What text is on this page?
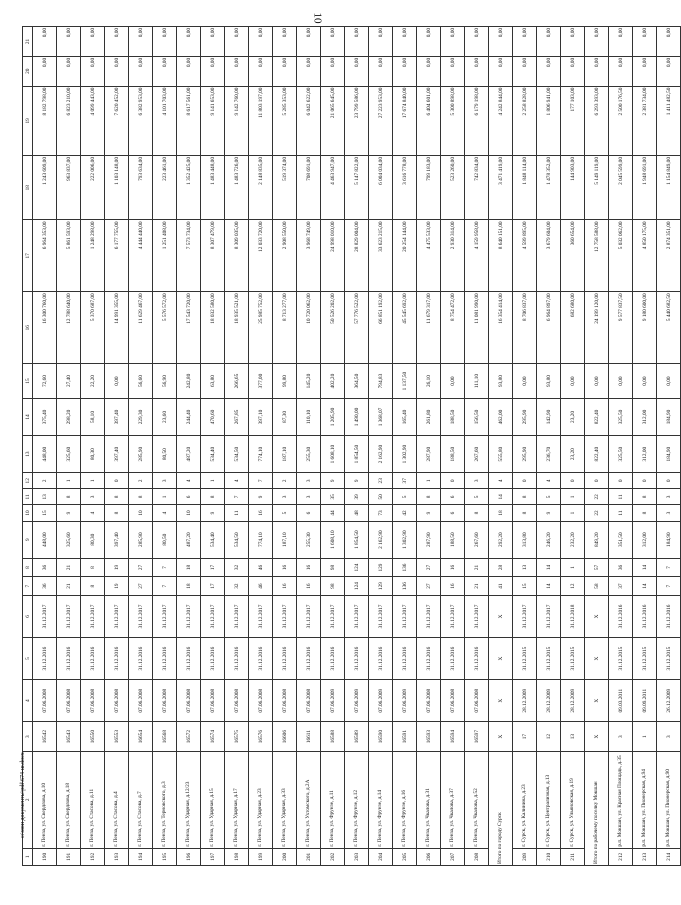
10
1	2	3	4	5	6	7	8	9	10	11	12	13	14	15	16	17	18	19	20	21
190	г. Пенза, ул. Свердлова, д.10	16542	07.06.2008	31.12.2016	31.12.2017	36	36	448,00	15	13	2	448,00	375,40	72,60	16 300 760,00	6 964 353,00	1 243 609,00	8 182 798,00	0,00	0,00
191	г. Пенза, ул. Свердлова, д.18	16543	07.06.2008	31.12.2016	31.12.2017	21	21	325,60	9	8	1	325,60	298,20	27,40	12 788 640,00	5 861 593,00	963 837,00	6 823 210,00	0,00	0,00
192	г. Пенза, ул. Стасова, д.11	16550	07.06.2008	31.12.2016	31.12.2017	8	8	80,30	4	3	1	80,30	58,10	22,20	5 370 687,00	1 248 298,00	222 006,00	4 099 443,00	0,00	0,00
193	г. Пенза, ул. Стасова, д.4	16553	07.06.2008	31.12.2016	31.12.2017	19	19	397,40	8	8	0	397,40	397,40	0,00	14 991 355,00	6 177 755,00	1 103 148,00	7 620 452,00	0,00	0,00
194	г. Пенза, ул. Стасова, д.7	16654	07.06.2008	31.12.2016	31.12.2017	27	27	285,90	10	8	2	285,90	229,30	56,60	11 629 467,00	4 444 440,00	793 634,00	6 382 953,00	0,00	0,00
195	г. Пенза, ул. Терновского, д.3	16568	07.06.2008	31.12.2016	31.12.2017	7	7	80,50	4	1	3	80,50	23,60	56,90	5 576 572,00	1 251 408,00	223 461,00	4 101 703,00	0,00	0,00
196	г. Пенза, ул. Ударная, д.12/23	16572	07.06.2008	31.12.2016	31.12.2017	18	18	487,20	10	6	4	487,20	244,40	242,80	17 543 720,00	7 573 734,00	1 352 425,00	8 617 561,00	0,00	0,00
197	г. Пенза, ул. Ударная, д.15	16574	07.06.2008	31.12.2016	31.12.2017	17	17	534,40	9	8	1	534,40	470,60	63,80	18 032 580,00	8 307 479,00	1 483 448,00	9 141 653,00	0,00	0,00
198	г. Пенза, ул. Ударная, д.17	16575	07.06.2008	31.12.2016	31.12.2017	32	32	534,50	11	7	4	534,50	267,85	266,65	18 935 521,00	8 309 035,00	1 483 726,00	9 142 760,00	0,00	0,00
199	г. Пенза, ул. Ударная, д.23	16576	07.06.2008	31.12.2016	31.12.2017	46	46	774,10	16	9	7	774,10	397,10	377,00	25 985 752,00	12 033 720,00	2 148 835,00	11 803 197,00	0,00	0,00
200	г. Пенза, ул. Ударная, д.33	16606	07.06.2008	31.12.2016	31.12.2017	16	16	187,10	5	3	2	187,10	87,30	99,80	8 713 277,00	2 908 550,00	519 374,00	5 285 353,00	0,00	0,00
201	г. Пенза, ул. Ухтомского, д.2А	16611	07.06.2008	31.12.2016	31.12.2017	16	16	255,30	6	3	3	255,30	110,10	145,20	10 720 062,00	3 968 749,00	708 691,00	6 042 622,00	0,00	0,00
202	г. Пенза, ул. Фрунзе, д.11	16588	07.06.2009	31.12.2016	31.12.2017	98	98	1 608,10	44	35	9	1 608,10	1 205,90	402,20	50 526 202,00	24 998 010,00	4 463 947,00	21 065 645,00	0,00	0,00
203	г. Пенза, ул. Фрунзе, д.12	16589	07.06.2009	31.12.2016	31.12.2017	124	124	1 854,50	48	39	9	1 854,50	1 490,00	364,50	57 776 522,00	28 829 004,00	5 147 822,00	23 799 586,00	0,00	0,00
204	г. Пенза, ул. Фрунзе, д.14	16590	07.06.2009	31.12.2016	31.12.2017	129	129	2 162,90	73	50	23	2 162,90	1 368,07	794,83	66 851 192,00	33 623 215,00	6 004 034,00	27 223 953,00	0,00	0,00
205	г. Пенза, ул. Фрунзе, д.16	16591	07.06.2009	31.12.2016	31.12.2017	136	136	1 302,90	42	5	37	1 302,90	165,40	1 137,50	45 545 692,00	20 254 144,00	3 616 778,00	17 674 840,00	0,00	0,00
206	г. Пенза, ул. Чкалова, д.31	16593	07.06.2008	31.12.2016	31.12.2017	27	27	287,90	9	8	1	287,90	261,80	26,10	11 679 317,00	4 475 533,00	799 183,00	6 404 601,00	0,00	0,00
207	г. Пенза, ул. Чкалова, д.37	16594	07.06.2008	31.12.2016	31.12.2017	16	16	188,50	6	6	0	188,50	188,50	0,00	8 754 472,00	2 930 314,00	523 260,00	5 300 898,00	0,00	0,00
208	г. Пенза, ул. Чкалова, д.52	16597	07.06.2008	31.12.2016	31.12.2017	21	21	267,60	8	5	3	267,60	156,50	111,10	11 081 990,00	4 159 958,00	742 834,00	6 179 198,00	0,00	0,00
Итого по городу Сурск		X	X	X	X	41	28	292,20	18	14	4	555,80	462,00	93,80	16 354 414,00	8 640 151,00	3 471 419,00	4 242 844,00	0,00	0,00
209	г. Сурск, ул. Калинина, д.23	17	28.12.2009	31.12.2015	31.12.2017	15	13	313,80	8	8	0	295,90	295,90	0,00	8 706 837,00	4 599 895,00	1 848 114,00	2 258 828,00	0,00	0,00
210	г. Сурск, ул. Централизная, д.13	12	28.12.2009	31.12.2015	31.12.2017	14	14	246,20	9	5	4	236,70	142,90	93,80	6 964 897,00	3 679 604,00	1 478 352,00	1 806 941,00	0,00	0,00
211	г. Сурск, ул. Ульяновская, д.19	13	28.12.2009	31.12.2015	31.12.2018	12	1	232,20	1	1	0	23,20	23,20	0,00	682 680,00	360 654,00	144 903,00	177 103,00	0,00	0,00
Итого по рабочему поселку Мокшан		X	X	X	X	58	57	849,20	22	22	0	822,40	822,40	0,00	24 199 120,00	12 758 588,00	5 149 119,00	6 293 393,00	0,00	0,00
212	р.п. Мокшан, ул. Красная Площадь, д.35	3	09.03.2011	31.12.2015	31.12.2016	37	36	351,50	11	11	0	325,50	325,50	0,00	9 577 837,50	5 032 062,00	2 045 599,00	2 500 176,50	0,00	0,00
213	р.п. Мокшан, ул. Пионерская, д.94	1	09.09.2011	31.12.2015	31.12.2016	14	14	312,00	8	8	0	312,00	312,00	0,00	9 180 600,00	4 850 175,00	1 948 691,00	2 381 734,00	0,00	0,00
214	р.п. Мокшан, ул. Пионерская, д.90	3	26.12.2009	31.12.2015	31.12.2016	7	7	184,90	3	3	0	184,90	184,90	0,00	5 440 682,50	2 874 351,00	1 154 849,00	1 411 482,50	0,00	0,00
c:\мои документы\pdf\674-ш.docx
